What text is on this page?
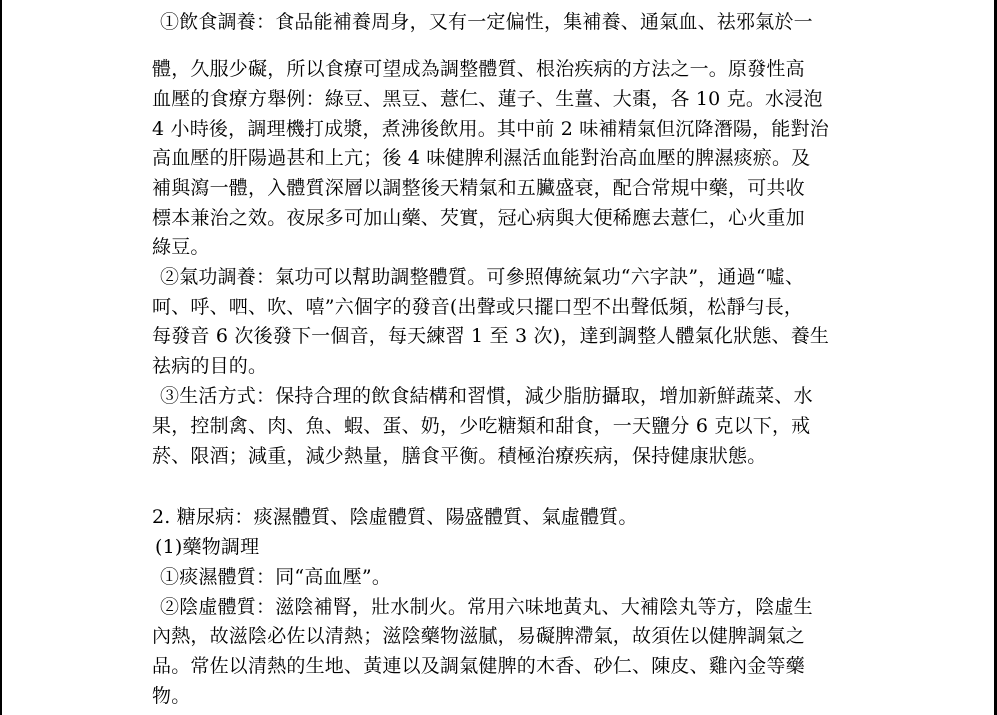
①飲食調養：食品能補養周身，又有一定偏性，集補養、通氣血、祛邪氣於一
體，久服少礙，所以食療可望成為調整體質、根治疾病的方法之一。原發性高
血壓的食療方舉例：綠豆、黑豆、薏仁、蓮子、生薑、大棗，各 10 克。水浸泡
4 小時後，調理機打成漿，煮沸後飲用。其中前 2 味補精氣但沉降潛陽，能對治
高血壓的肝陽過甚和上亢；後 4 味健脾利濕活血能對治高血壓的脾濕痰瘀。及
補與瀉一體，入體質深層以調整後天精氣和五臟盛衰，配合常規中藥，可共收
標本兼治之效。夜尿多可加山藥、芡實，冠心病與大便稀應去薏仁，心火重加
綠豆。
②氣功調養：氣功可以幫助調整體質。可參照傳統氣功“六字訣”，通過“噓、
呵、呼、呬、吹、嘻”六個字的發音(出聲或只擺口型不出聲低頻，松靜勻長，
每發音 6 次後發下一個音，每天練習 1 至 3 次)，達到調整人體氣化狀態、養生
祛病的目的。
③生活方式：保持合理的飲食結構和習慣，減少脂肪攝取，增加新鮮蔬菜、水
果，控制禽、肉、魚、蝦、蛋、奶，少吃糖類和甜食，一天鹽分 6 克以下，戒
菸、限酒；減重，減少熱量，膳食平衡。積極治療疾病，保持健康狀態。
2. 糖尿病：痰濕體質、陰虛體質、陽盛體質、氣虛體質。
(1)藥物調理
①痰濕體質：同“高血壓”。
②陰虛體質：滋陰補腎，壯水制火。常用六味地黃丸、大補陰丸等方，陰虛生
內熱，故滋陰必佐以清熱；滋陰藥物滋膩，易礙脾滯氣，故須佐以健脾調氣之
品。常佐以清熱的生地、黃連以及調氣健脾的木香、砂仁、陳皮、雞內金等藥
物。
